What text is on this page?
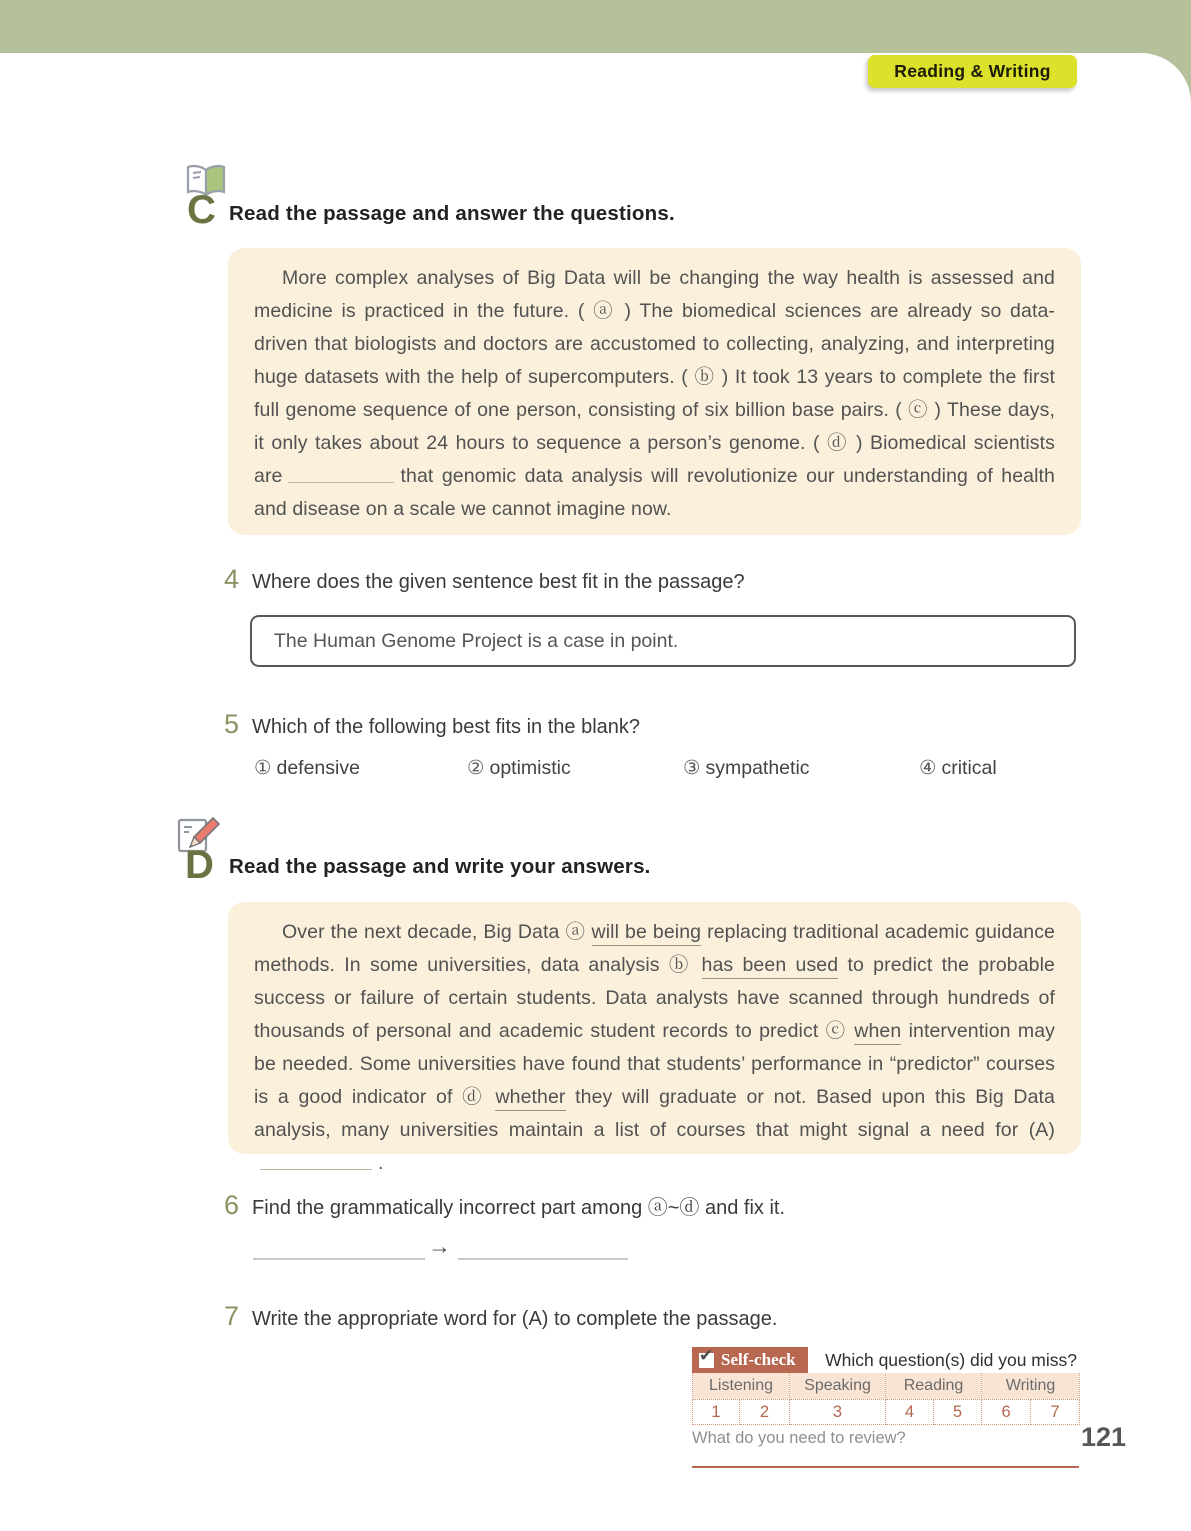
Reading & Writing
C Read the passage and answer the questions.

More complex analyses of Big Data will be changing the way health is assessed and medicine is practiced in the future. ( ⓐ ) The biomedical sciences are already so data-driven that biologists and doctors are accustomed to collecting, analyzing, and interpreting huge datasets with the help of supercomputers. ( ⓑ ) It took 13 years to complete the first full genome sequence of one person, consisting of six billion base pairs. ( ⓒ ) These days, it only takes about 24 hours to sequence a person’s genome. ( ⓓ ) Biomedical scientists are	that genomic data analysis will revolutionize our understanding of health and disease on a scale we cannot imagine now.

4 Where does the given sentence best fit in the passage?
The Human Genome Project is a case in point.
5 Which of the following best fits in the blank?
① defensive	② optimistic	③ sympathetic	④ critical
D Read the passage and write your answers.

Over the next decade, Big Data ⓐ will be being replacing traditional academic guidance methods. In some universities, data analysis ⓑ has been used to predict the probable success or failure of certain students. Data analysts have scanned through hundreds of thousands of personal and academic student records to predict ⓒ when intervention may be needed. Some universities have found that students’ performance in “predictor” courses is a good indicator of ⓓ whether they will graduate or not. Based upon this Big Data analysis, many universities maintain a list of courses that might signal a need for (A) .

6 Find the grammatically incorrect part among ⓐ~ⓓ and fix it.
→
7 Write the appropriate word for (A) to complete the passage.
✔ Self-check	Which question(s) did you miss?
Listening		Speaking	Reading		Writing	
1	2	3	4	5	6	7
What do you need to review?	121
